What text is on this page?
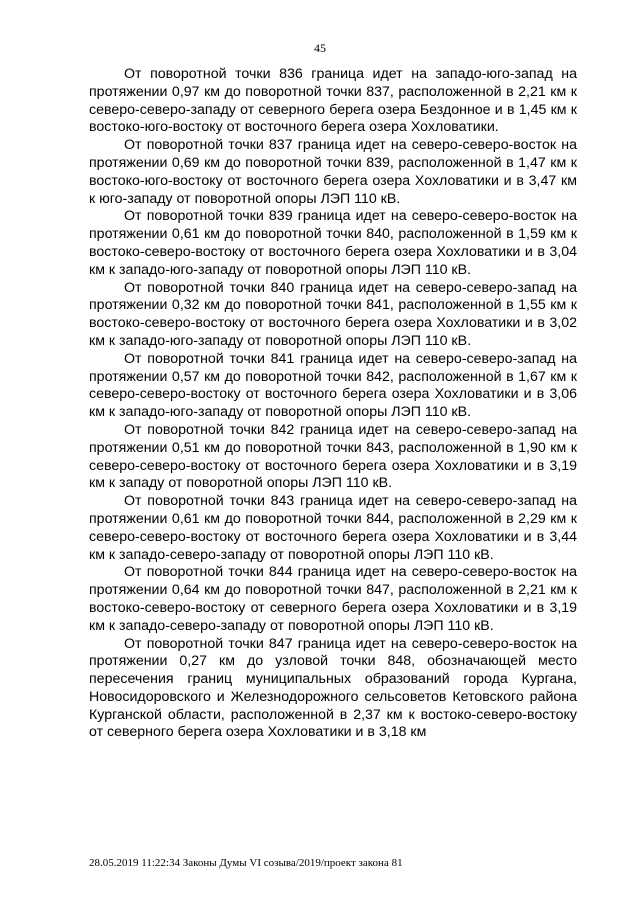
45

От поворотной точки 836 граница идет на западо-юго-запад на протяжении 0,97 км до поворотной точки 837, расположенной в 2,21 км к северо-северо-западу от северного берега озера Бездонное и в 1,45 км к востоко-юго-востоку от восточного берега озера Хохловатики.

От поворотной точки 837 граница идет на северо-северо-восток на протяжении 0,69 км до поворотной точки 839, расположенной в 1,47 км к востоко-юго-востоку от восточного берега озера Хохловатики и в 3,47 км к юго-западу от поворотной опоры ЛЭП 110 кВ.

От поворотной точки 839 граница идет на северо-северо-восток на протяжении 0,61 км до поворотной точки 840, расположенной в 1,59 км к востоко-северо-востоку от восточного берега озера Хохловатики и в 3,04 км к западо-юго-западу от поворотной опоры ЛЭП 110 кВ.

От поворотной точки 840 граница идет на северо-северо-запад на протяжении 0,32 км до поворотной точки 841, расположенной в 1,55 км к востоко-северо-востоку от восточного берега озера Хохловатики и в 3,02 км к западо-юго-западу от поворотной опоры ЛЭП 110 кВ.

От поворотной точки 841 граница идет на северо-северо-запад на протяжении 0,57 км до поворотной точки 842, расположенной в 1,67 км к северо-северо-востоку от восточного берега озера Хохловатики и в 3,06 км к западо-юго-западу от поворотной опоры ЛЭП 110 кВ.

От поворотной точки 842 граница идет на северо-северо-запад на протяжении 0,51 км до поворотной точки 843, расположенной в 1,90 км к северо-северо-востоку от восточного берега озера Хохловатики и в 3,19 км к западу от поворотной опоры ЛЭП 110 кВ.

От поворотной точки 843 граница идет на северо-северо-запад на протяжении 0,61 км до поворотной точки 844, расположенной в 2,29 км к северо-северо-востоку от восточного берега озера Хохловатики и в 3,44 км к западо-северо-западу от поворотной опоры ЛЭП 110 кВ.

От поворотной точки 844 граница идет на северо-северо-восток на протяжении 0,64 км до поворотной точки 847, расположенной в 2,21 км к востоко-северо-востоку от северного берега озера Хохловатики и в 3,19 км к западо-северо-западу от поворотной опоры ЛЭП 110 кВ.

От поворотной точки 847 граница идет на северо-северо-восток на протяжении 0,27 км до узловой точки 848, обозначающей место пересечения границ муниципальных образований города Кургана, Новосидоровского и Железнодорожного сельсоветов Кетовского района Курганской области, расположенной в 2,37 км к востоко-северо-востоку от северного берега озера Хохловатики и в 3,18 км

28.05.2019 11:22:34 Законы Думы VI созыва/2019/проект закона 81
